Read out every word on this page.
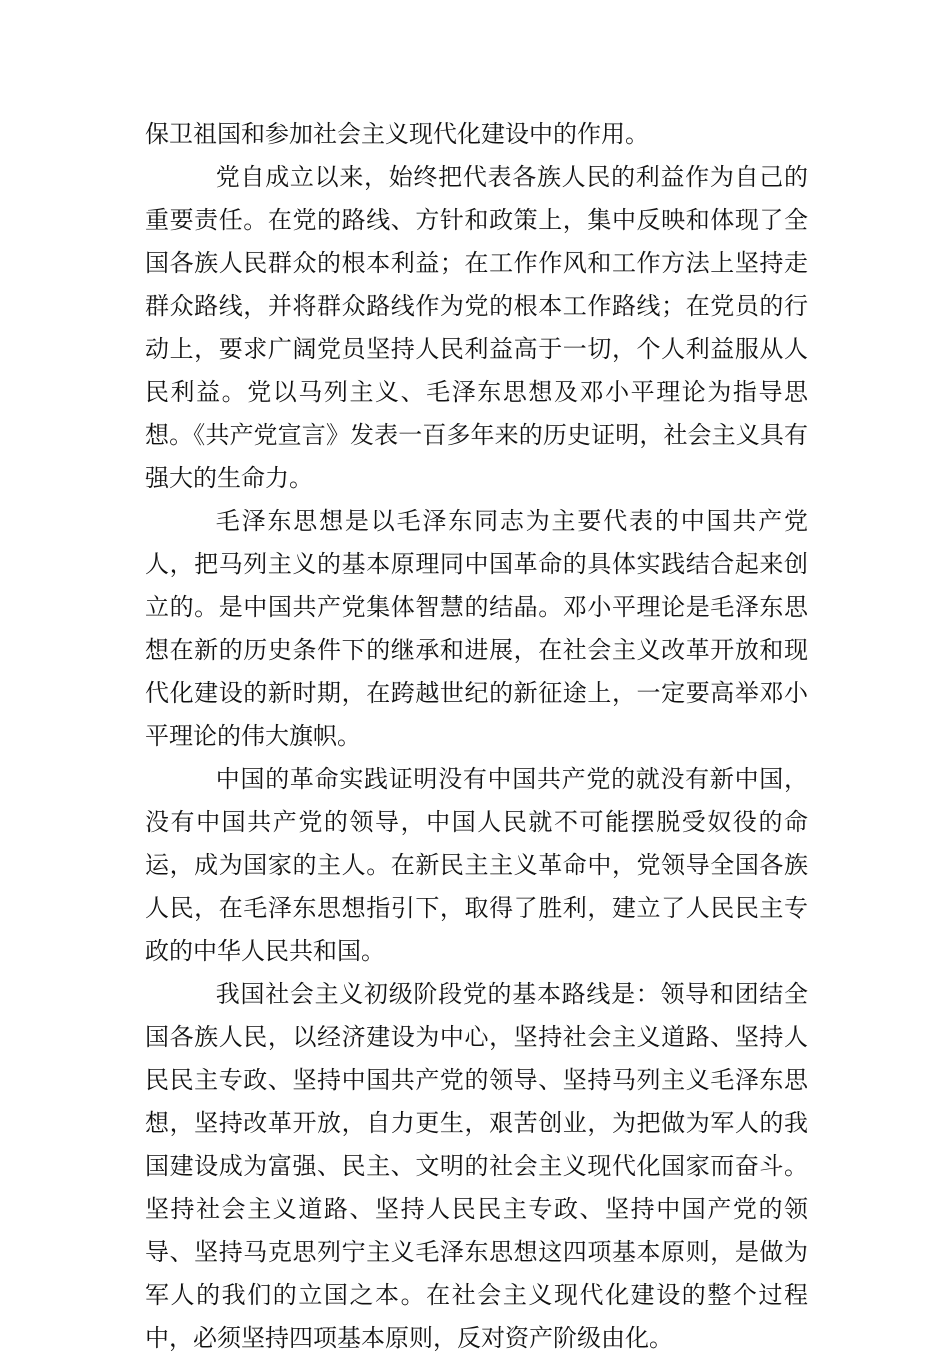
保卫祖国和参加社会主义现代化建设中的作用。

党自成立以来，始终把代表各族人民的利益作为自己的重要责任。在党的路线、方针和政策上，集中反映和体现了全国各族人民群众的根本利益；在工作作风和工作方法上坚持走群众路线，并将群众路线作为党的根本工作路线；在党员的行动上，要求广阔党员坚持人民利益高于一切，个人利益服从人民利益。党以马列主义、毛泽东思想及邓小平理论为指导思想。《共产党宣言》发表一百多年来的历史证明，社会主义具有强大的生命力。

毛泽东思想是以毛泽东同志为主要代表的中国共产党人，把马列主义的基本原理同中国革命的具体实践结合起来创立的。是中国共产党集体智慧的结晶。邓小平理论是毛泽东思想在新的历史条件下的继承和进展，在社会主义改革开放和现代化建设的新时期，在跨越世纪的新征途上，一定要高举邓小平理论的伟大旗帜。

中国的革命实践证明没有中国共产党的就没有新中国，没有中国共产党的领导，中国人民就不可能摆脱受奴役的命运，成为国家的主人。在新民主主义革命中，党领导全国各族人民，在毛泽东思想指引下，取得了胜利，建立了人民民主专政的中华人民共和国。

我国社会主义初级阶段党的基本路线是：领导和团结全国各族人民，以经济建设为中心，坚持社会主义道路、坚持人民民主专政、坚持中国共产党的领导、坚持马列主义毛泽东思想，坚持改革开放，自力更生，艰苦创业，为把做为军人的我国建设成为富强、民主、文明的社会主义现代化国家而奋斗。坚持社会主义道路、坚持人民民主专政、坚持中国产党的领导、坚持马克思列宁主义毛泽东思想这四项基本原则，是做为军人的我们的立国之本。在社会主义现代化建设的整个过程中，必须坚持四项基本原则，反对资产阶级由化。
